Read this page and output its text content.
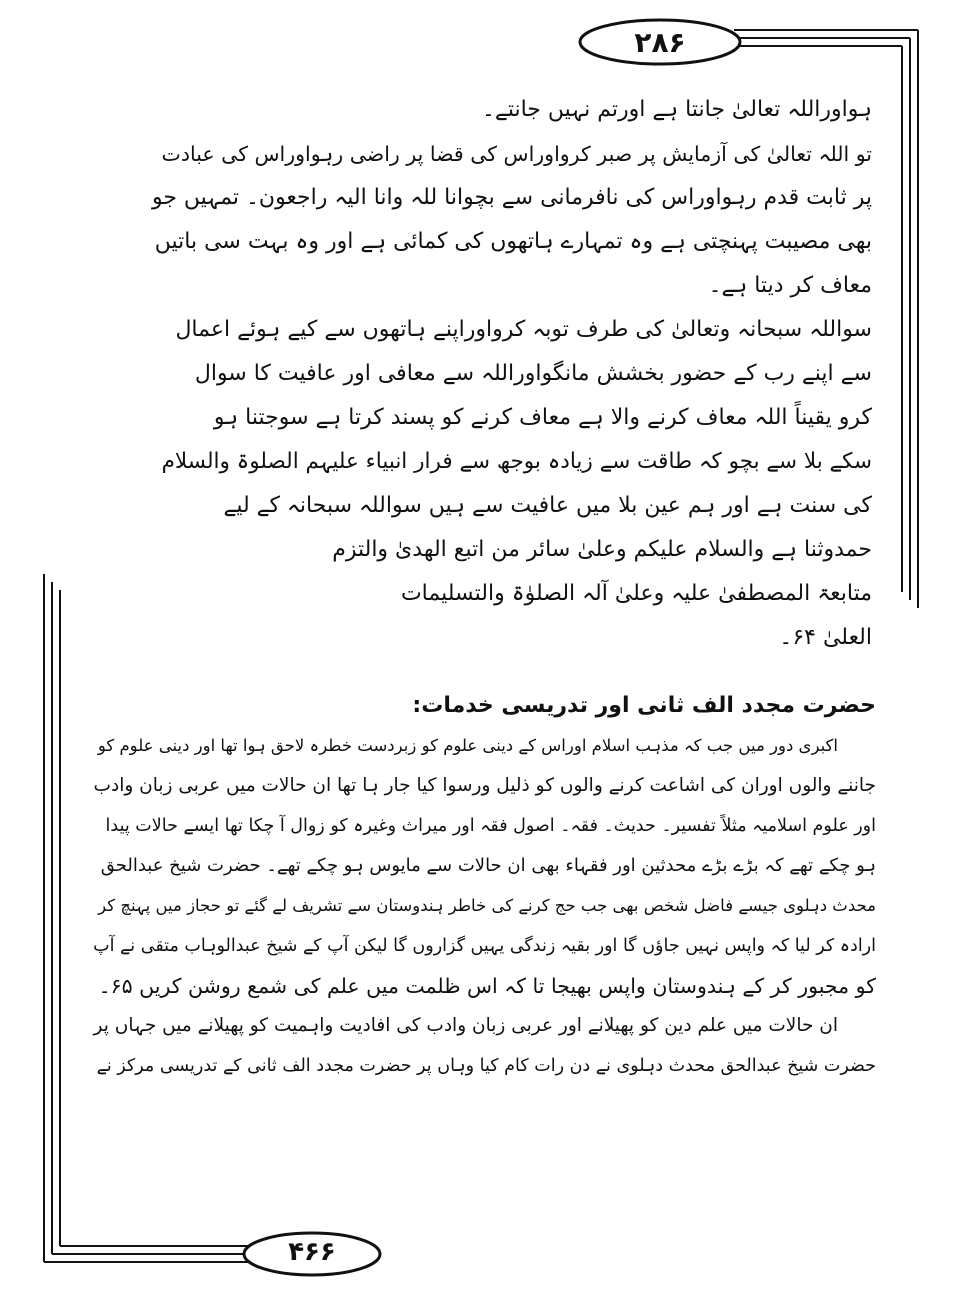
۲۸۶
۴۶۶
ہواوراللہ تعالیٰ جانتا ہے اورتم نہیں جانتے۔
تو اللہ تعالیٰ کی آزمایش پر صبر کرواوراس کی قضا پر راضی رہواوراس کی عبادت
پر ثابت قدم رہواوراس کی نافرمانی سے بچوانا للہ وانا الیہ راجعون۔ تمہیں جو
بھی مصیبت پہنچتی ہے وہ تمہارے ہاتھوں کی کمائی ہے اور وہ بہت سی باتیں
معاف کر دیتا ہے۔
سواللہ سبحانہ وتعالیٰ کی طرف توبہ کرواوراپنے ہاتھوں سے کیے ہوئے اعمال
سے اپنے رب کے حضور بخشش مانگواوراللہ سے معافی اور عافیت کا سوال
کرو یقیناً اللہ معاف کرنے والا ہے معاف کرنے کو پسند کرتا ہے سوجتنا ہو
سکے بلا سے بچو کہ طاقت سے زیادہ بوجھ سے فرار انبیاء علیہم الصلوۃ والسلام
کی سنت ہے اور ہم عین بلا میں عافیت سے ہیں سواللہ سبحانہ کے لیے
حمدوثنا ہے والسلام علیکم وعلیٰ سائر من اتبع الھدیٰ والتزم
متابعۃ المصطفیٰ علیہ وعلیٰ آلہ الصلوٰۃ والتسلیمات
العلیٰ ۶۴۔
حضرت مجدد الف ثانی اور تدریسی خدمات:
اکبری دور میں جب کہ مذہب اسلام اوراس کے دینی علوم کو زبردست خطرہ لاحق ہوا تھا اور دینی علوم کو
جاننے والوں اوران کی اشاعت کرنے والوں کو ذلیل ورسوا کیا جار ہا تھا ان حالات میں عربی زبان وادب
اور علوم اسلامیہ مثلاً تفسیر۔ حدیث۔ فقہ۔ اصول فقہ اور میراث وغیرہ کو زوال آ چکا تھا ایسے حالات پیدا
ہو چکے تھے کہ بڑے بڑے محدثین اور فقہاء بھی ان حالات سے مایوس ہو چکے تھے۔ حضرت شیخ عبدالحق
محدث دہلوی جیسے فاضل شخص بھی جب حج کرنے کی خاطر ہندوستان سے تشریف لے گئے تو حجاز میں پہنچ کر
ارادہ کر لیا کہ واپس نہیں جاؤں گا اور بقیہ زندگی یہیں گزاروں گا لیکن آپ کے شیخ عبدالوہاب متقی نے آپ
کو مجبور کر کے ہندوستان واپس بھیجا تا کہ اس ظلمت میں علم کی شمع روشن کریں ۶۵۔
ان حالات میں علم دین کو پھیلانے اور عربی زبان وادب کی افادیت واہمیت کو پھیلانے میں جہاں پر
حضرت شیخ عبدالحق محدث دہلوی نے دن رات کام کیا وہاں پر حضرت مجدد الف ثانی کے تدریسی مرکز نے
